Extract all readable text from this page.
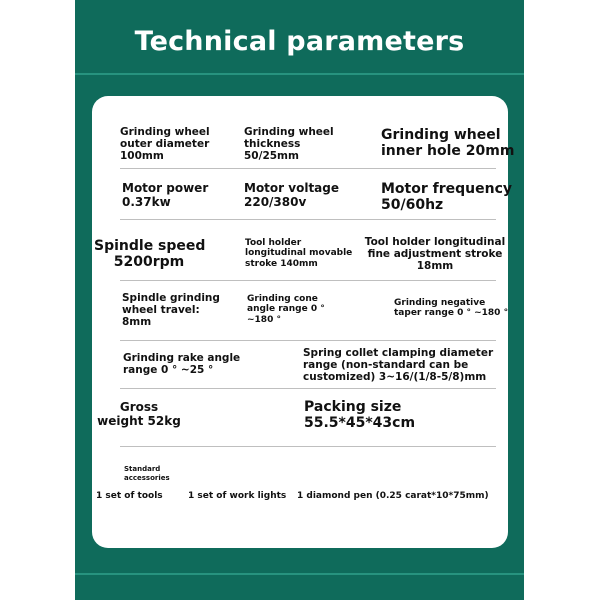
Technical parameters
Grinding wheel
outer diameter
100mm
Grinding wheel
thickness
50/25mm
Grinding wheel
inner hole 20mm
Motor power
0.37kw
Motor voltage
220/380v
Motor frequency
50/60hz
Spindle speed
5200rpm
Tool holder
longitudinal movable
stroke 140mm
Tool holder longitudinal
fine adjustment stroke
18mm
Spindle grinding
wheel travel:
8mm
Grinding cone
angle range 0 °
~180 °
Grinding negative
taper range 0 ° ~180 °
Grinding rake angle
range 0 ° ~25 °
Spring collet clamping diameter
range (non-standard can be
customized) 3~16/(1/8-5/8)mm
Gross
weight 52kg
Packing size
55.5*45*43cm
Standard
accessories
1 set of tools	1 set of work lights 1 diamond pen (0.25 carat*10*75mm)
